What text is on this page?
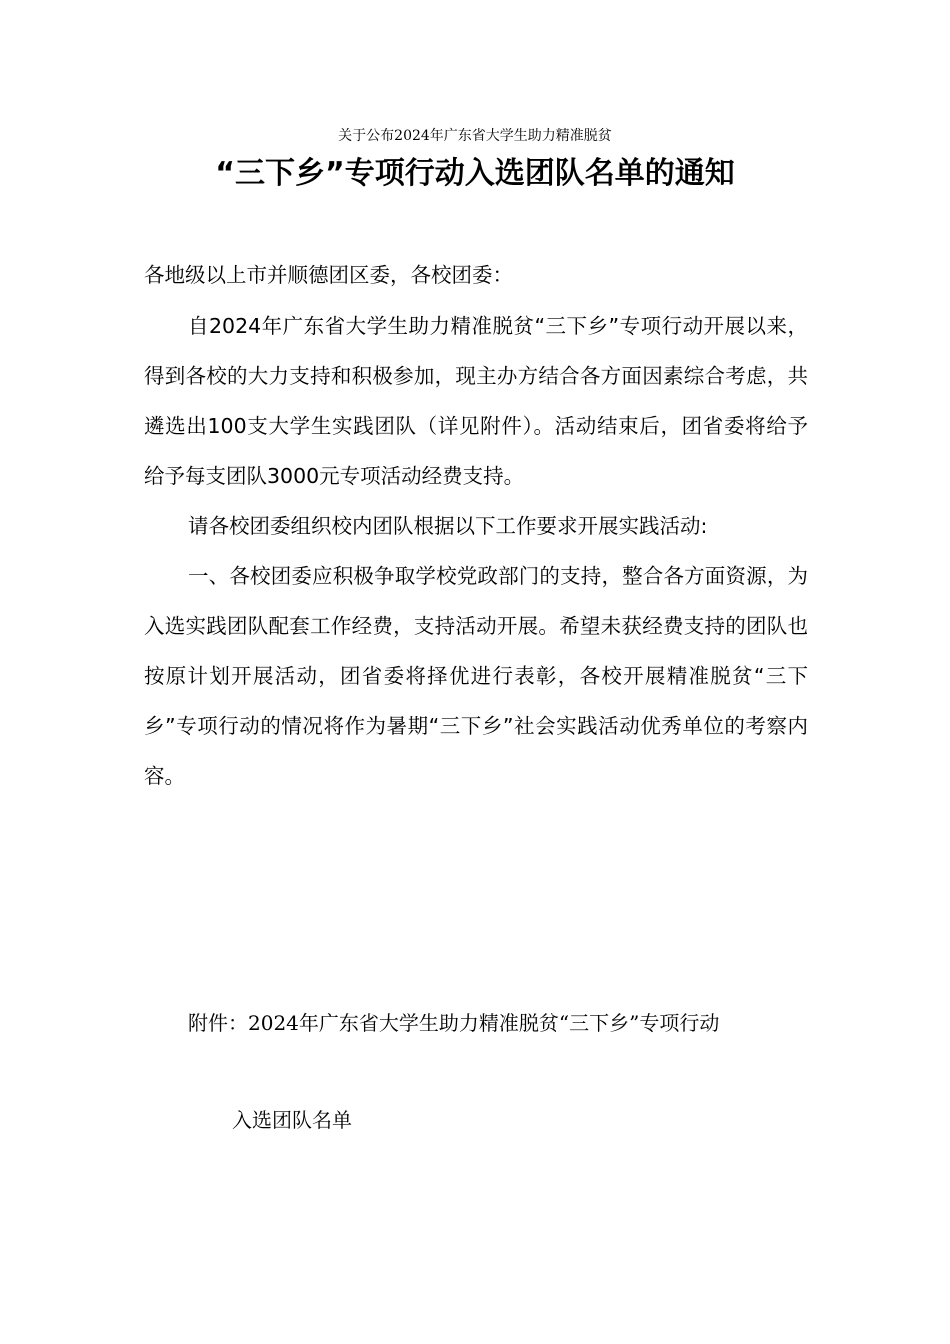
关于公布2024年广东省大学生助力精准脱贫
“三下乡”专项行动入选团队名单的通知
各地级以上市并顺德团区委，各校团委：
自2024年广东省大学生助力精准脱贫“三下乡”专项行动开展以来，得到各校的大力支持和积极参加，现主办方结合各方面因素综合考虑，共遴选出100支大学生实践团队（详见附件）。活动结束后，团省委将给予给予每支团队3000元专项活动经费支持。
请各校团委组织校内团队根据以下工作要求开展实践活动:
一、各校团委应积极争取学校党政部门的支持，整合各方面资源，为入选实践团队配套工作经费，支持活动开展。希望未获经费支持的团队也按原计划开展活动，团省委将择优进行表彰，各校开展精准脱贫“三下乡”专项行动的情况将作为暑期“三下乡”社会实践活动优秀单位的考察内容。
附件：2024年广东省大学生助力精准脱贫“三下乡”专项行动
入选团队名单
